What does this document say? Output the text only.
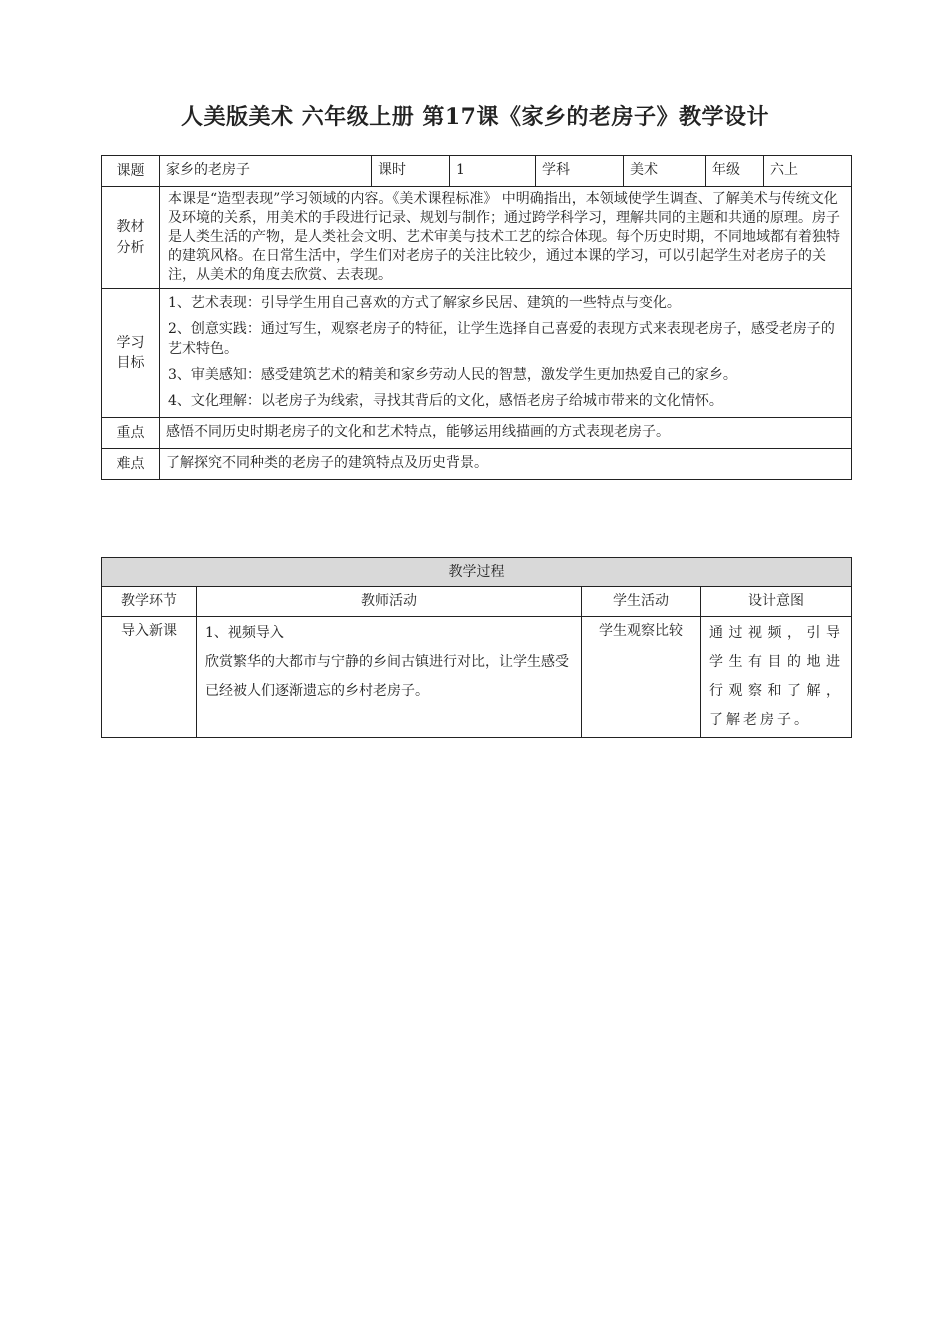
人美版美术 六年级上册 第17课《家乡的老房子》教学设计
课题	家乡的老房子	课时	1	学科	美术	年级	六上
教材分析	本课是“造型表现”学习领域的内容。《美术课程标准》 中明确指出，本领域使学生调查、了解美术与传统文化及环境的关系，用美术的手段进行记录、规划与制作；通过跨学科学习，理解共同的主题和共通的原理。房子是人类生活的产物，是人类社会文明、艺术审美与技术工艺的综合体现。每个历史时期，不同地域都有着独特的建筑风格。在日常生活中，学生们对老房子的关注比较少，通过本课的学习，可以引起学生对老房子的关注，从美术的角度去欣赏、去表现。						
学习目标	1、艺术表现：引导学生用自己喜欢的方式了解家乡民居、建筑的一些特点与变化。

2、创意实践：通过写生，观察老房子的特征，让学生选择自己喜爱的表现方式来表现老房子，感受老房子的艺术特色。

3、审美感知：感受建筑艺术的精美和家乡劳动人民的智慧，激发学生更加热爱自己的家乡。

4、文化理解：以老房子为线索，寻找其背后的文化，感悟老房子给城市带来的文化情怀。						

重点	感悟不同历史时期老房子的文化和艺术特点，能够运用线描画的方式表现老房子。						
难点	了解探究不同种类的老房子的建筑特点及历史背景。						
教学过程			
教学环节	教师活动	学生活动	设计意图
导入新课	1、视频导入

欣赏繁华的大都市与宁静的乡间古镇进行对比，让学生感受已经被人们逐渐遗忘的乡村老房子。	学生观察比较	通过视频，引导学生有目的地进行观察和了解，了解老房子。
